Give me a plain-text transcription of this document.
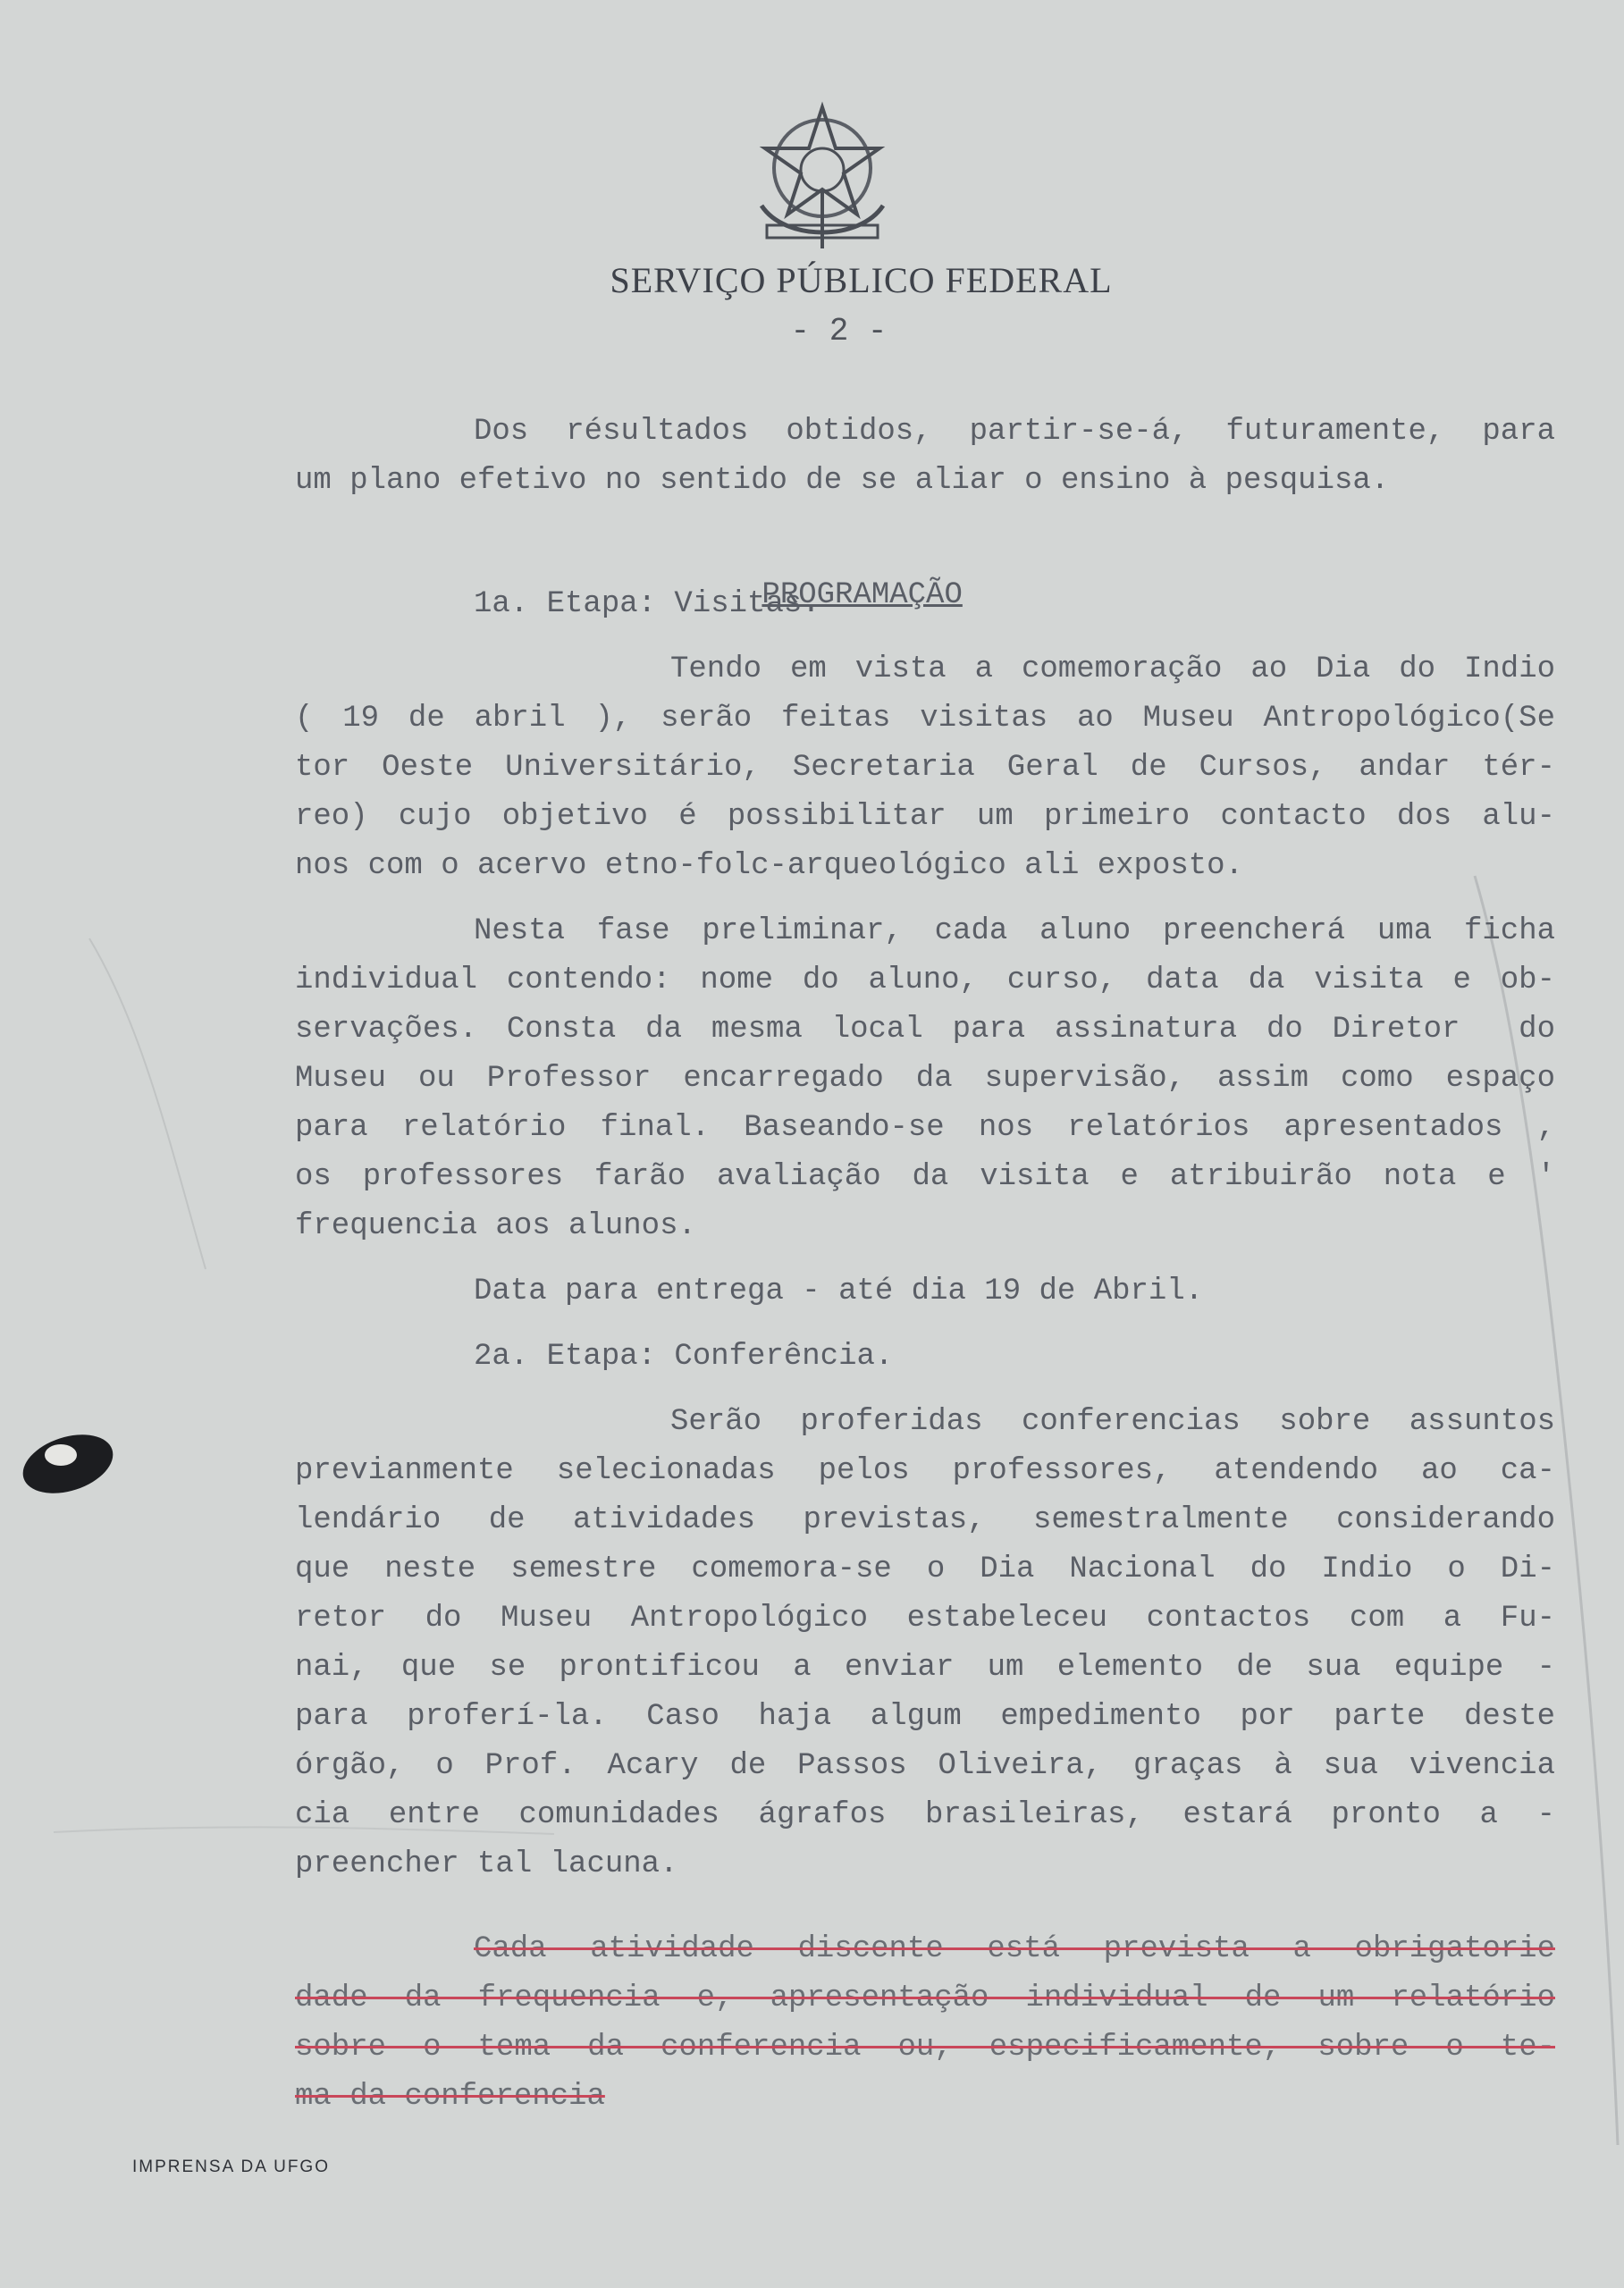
SERVIÇO PÚBLICO FEDERAL
- 2 -
Dos résultados obtidos, partir-se-á, futuramente, para
um plano efetivo no sentido de se aliar o ensino à pesquisa.

PROGRAMAÇÃO

1a. Etapa: Visitas.
Tendo em vista a comemoração ao Dia do Indio
( 19 de abril ), serão feitas visitas ao Museu Antropológico(Se
tor Oeste Universitário, Secretaria Geral de Cursos, andar tér-
reo) cujo objetivo é possibilitar um primeiro contacto dos alu-
nos com o acervo etno-folc-arqueológico ali exposto.
Nesta fase preliminar, cada aluno preencherá uma ficha
individual contendo: nome do aluno, curso, data da visita e ob-
servações. Consta da mesma local para assinatura do Diretor  do
Museu ou Professor encarregado da supervisão, assim como espaço
para relatório final. Baseando-se nos relatórios apresentados ,
os professores farão avaliação da visita e atribuirão nota e '
frequencia aos alunos.
Data para entrega - até dia 19 de Abril.
2a. Etapa: Conferência.
Serão proferidas conferencias sobre assuntos
previanmente selecionadas pelos professores, atendendo ao ca-
lendário de atividades previstas, semestralmente considerando
que neste semestre comemora-se o Dia Nacional do Indio o Di-
retor do Museu Antropológico estabeleceu contactos com a Fu-
nai, que se prontificou a enviar um elemento de sua equipe -
para proferí-la. Caso haja algum empedimento por parte deste
órgão, o Prof. Acary de Passos Oliveira, graças à sua vivencia
cia entre comunidades ágrafos brasileiras, estará pronto a -
preencher tal lacuna.
Cada atividade discente está prevista a obrigatorie
dade da frequencia e, apresentação individual de um relatório
sobre o tema da conferencia ou, especificamente, sobre o te-
ma da conferencia
IMPRENSA DA UFGO
